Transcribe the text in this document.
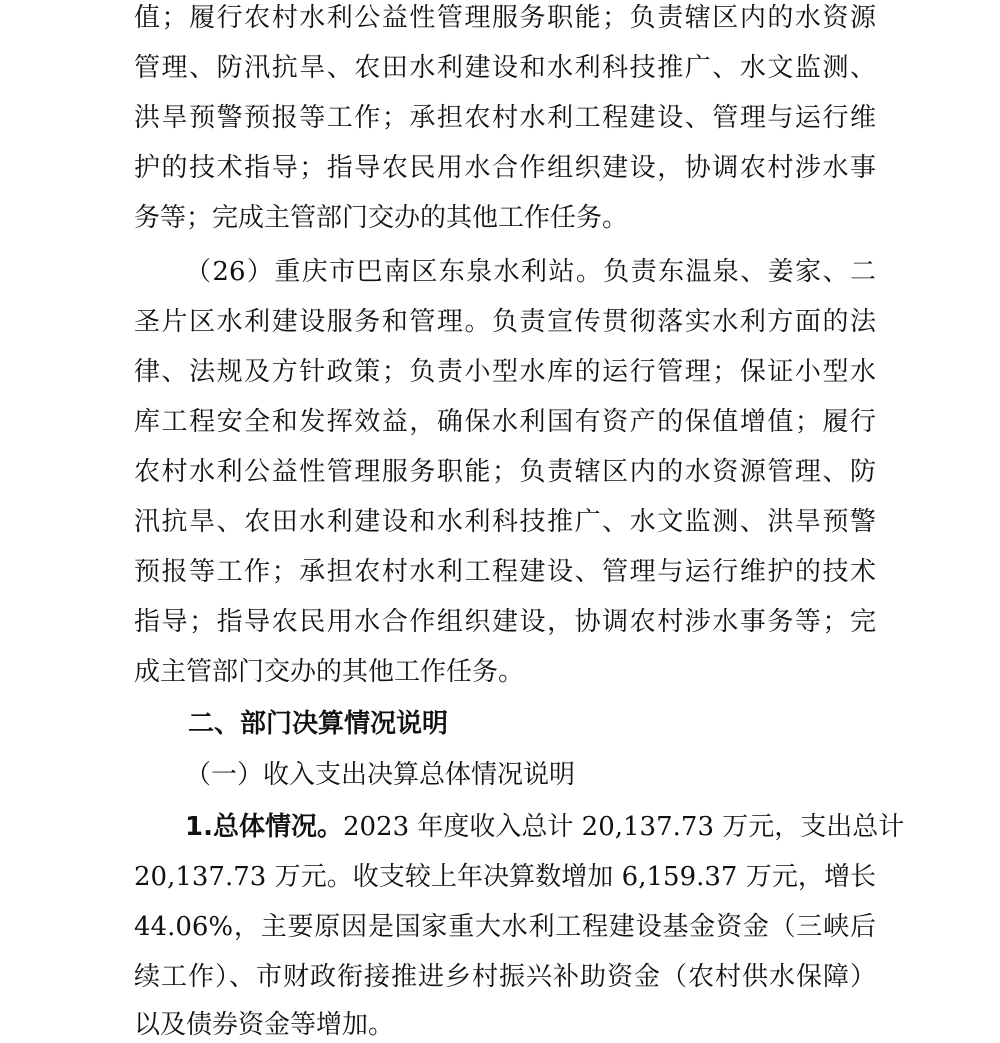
值；履行农村水利公益性管理服务职能；负责辖区内的水资源
管理、防汛抗旱、农田水利建设和水利科技推广、水文监测、
洪旱预警预报等工作；承担农村水利工程建设、管理与运行维
护的技术指导；指导农民用水合作组织建设，协调农村涉水事
务等；完成主管部门交办的其他工作任务。
（26）重庆市巴南区东泉水利站。负责东温泉、姜家、二
圣片区水利建设服务和管理。负责宣传贯彻落实水利方面的法
律、法规及方针政策；负责小型水库的运行管理；保证小型水
库工程安全和发挥效益，确保水利国有资产的保值增值；履行
农村水利公益性管理服务职能；负责辖区内的水资源管理、防
汛抗旱、农田水利建设和水利科技推广、水文监测、洪旱预警
预报等工作；承担农村水利工程建设、管理与运行维护的技术
指导；指导农民用水合作组织建设，协调农村涉水事务等；完
成主管部门交办的其他工作任务。
二、部门决算情况说明
（一）收入支出决算总体情况说明
1.总体情况。2023 年度收入总计 20,137.73 万元，支出总计
20,137.73 万元。收支较上年决算数增加 6,159.37 万元，增长
44.06%，主要原因是国家重大水利工程建设基金资金（三峡后
续工作）、市财政衔接推进乡村振兴补助资金（农村供水保障）
以及债券资金等增加。
